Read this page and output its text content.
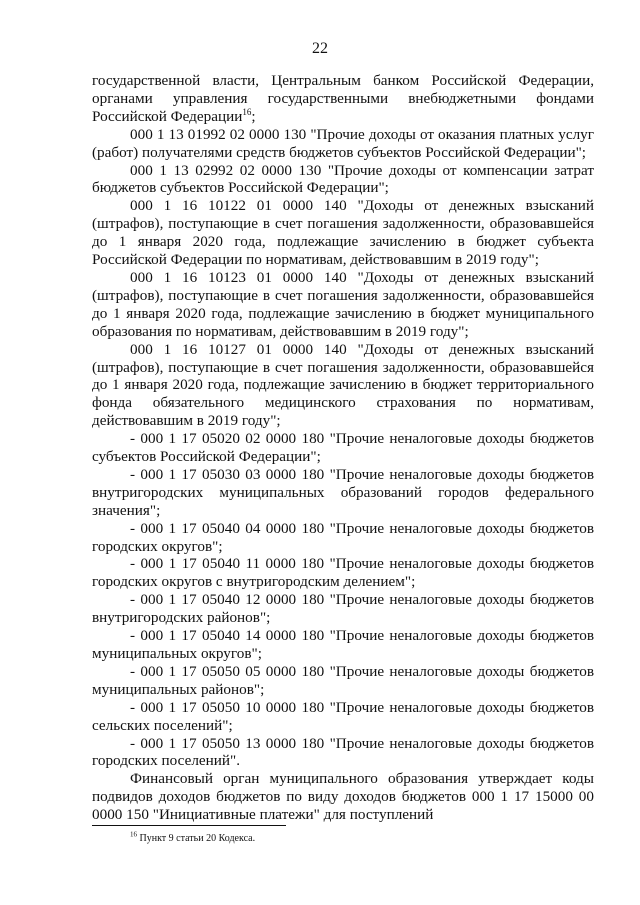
22

государственной власти, Центральным банком Российской Федерации, органами управления государственными внебюджетными фондами Российской Федерации$^{16}$;

000 1 13 01992 02 0000 130 "Прочие доходы от оказания платных услуг (работ) получателями средств бюджетов субъектов Российской Федерации";

000 1 13 02992 02 0000 130 "Прочие доходы от компенсации затрат бюджетов субъектов Российской Федерации";

000 1 16 10122 01 0000 140 "Доходы от денежных взысканий (штрафов), поступающие в счет погашения задолженности, образовавшейся до 1 января 2020 года, подлежащие зачислению в бюджет субъекта Российской Федерации по нормативам, действовавшим в 2019 году";

000 1 16 10123 01 0000 140 "Доходы от денежных взысканий (штрафов), поступающие в счет погашения задолженности, образовавшейся до 1 января 2020 года, подлежащие зачислению в бюджет муниципального образования по нормативам, действовавшим в 2019 году";

000 1 16 10127 01 0000 140 "Доходы от денежных взысканий (штрафов), поступающие в счет погашения задолженности, образовавшейся до 1 января 2020 года, подлежащие зачислению в бюджет территориального фонда обязательного медицинского страхования по нормативам, действовавшим в 2019 году";

- 000 1 17 05020 02 0000 180 "Прочие неналоговые доходы бюджетов субъектов Российской Федерации";

- 000 1 17 05030 03 0000 180 "Прочие неналоговые доходы бюджетов внутригородских муниципальных образований городов федерального значения";

- 000 1 17 05040 04 0000 180 "Прочие неналоговые доходы бюджетов городских округов";

- 000 1 17 05040 11 0000 180 "Прочие неналоговые доходы бюджетов городских округов с внутригородским делением";

- 000 1 17 05040 12 0000 180 "Прочие неналоговые доходы бюджетов внутригородских районов";

- 000 1 17 05040 14 0000 180 "Прочие неналоговые доходы бюджетов муниципальных округов";

- 000 1 17 05050 05 0000 180 "Прочие неналоговые доходы бюджетов муниципальных районов";

- 000 1 17 05050 10 0000 180 "Прочие неналоговые доходы бюджетов сельских поселений";

- 000 1 17 05050 13 0000 180 "Прочие неналоговые доходы бюджетов городских поселений".

Финансовый орган муниципального образования утверждает коды подвидов доходов бюджетов по виду доходов бюджетов 000 1 17 15000 00 0000 150 "Инициативные платежи" для поступлений

$^{16}$ Пункт 9 статьи 20 Кодекса.
